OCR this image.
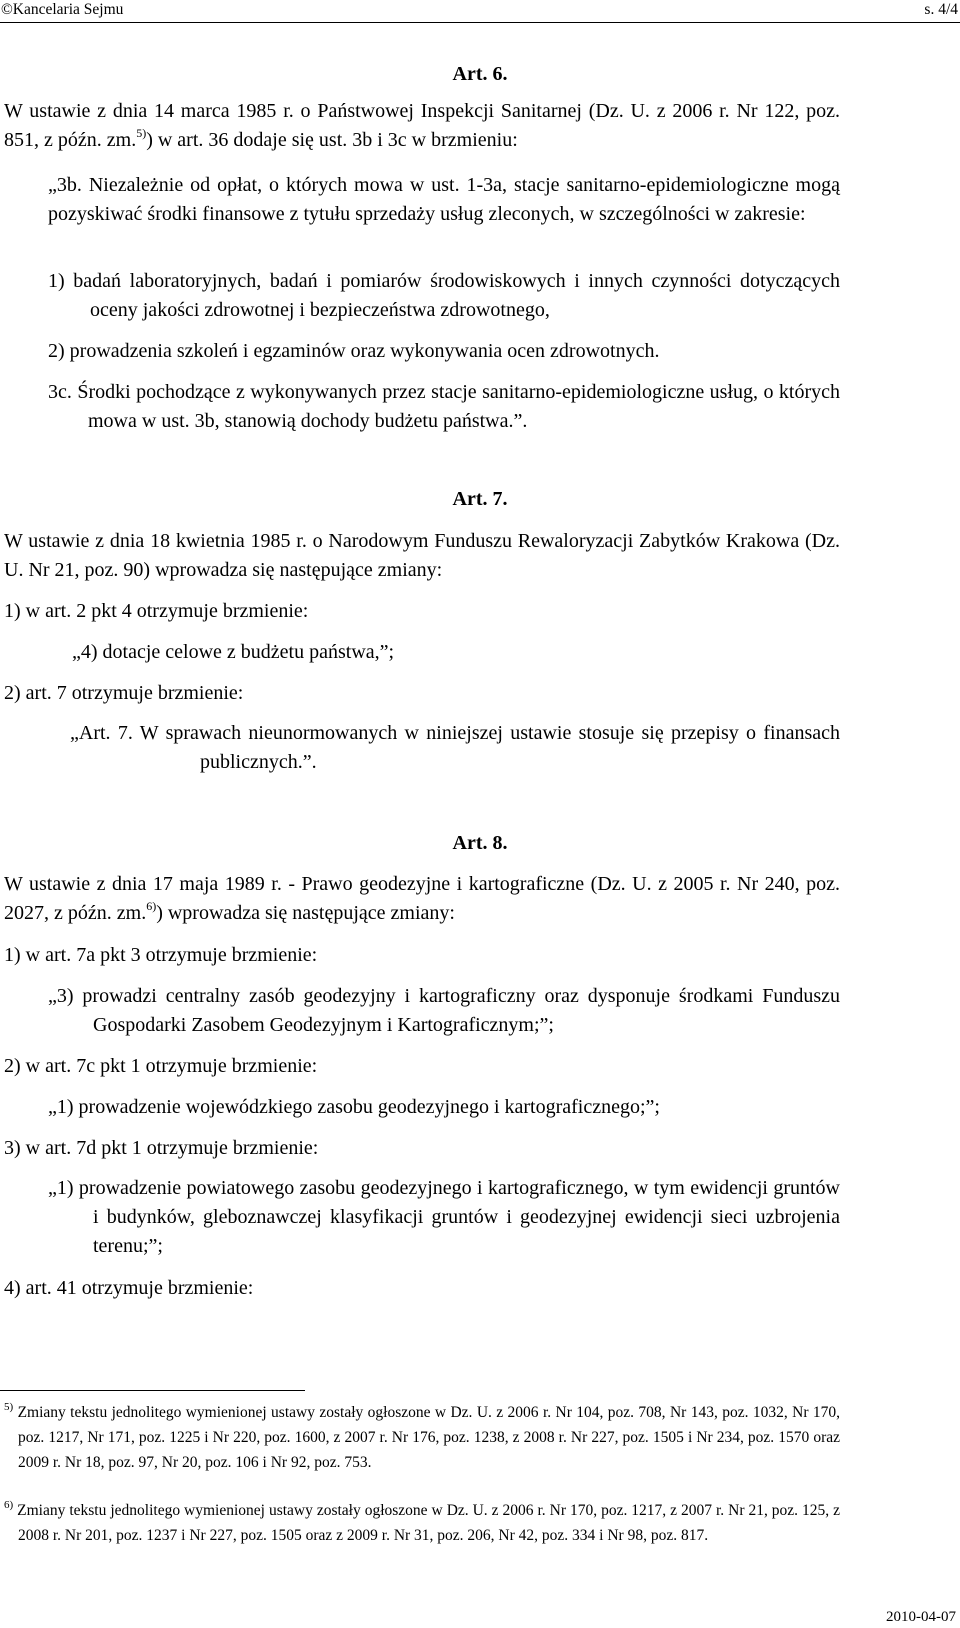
©Kancelaria Sejmu	s. 4/4
Art. 6.

W ustawie z dnia 14 marca 1985 r. o Państwowej Inspekcji Sanitarnej (Dz. U. z 2006 r. Nr 122, poz. 851, z późn. zm.$^{5)}$) w art. 36 dodaje się ust. 3b i 3c w brzmieniu:

„3b. Niezależnie od opłat, o których mowa w ust. 1-3a, stacje sanitarno-epidemiologiczne mogą pozyskiwać środki finansowe z tytułu sprzedaży usług zleconych, w szczególności w zakresie:

1) badań laboratoryjnych, badań i pomiarów środowiskowych i innych czynności dotyczących oceny jakości zdrowotnej i bezpieczeństwa zdrowotnego,

2) prowadzenia szkoleń i egzaminów oraz wykonywania ocen zdrowotnych.

3c. Środki pochodzące z wykonywanych przez stacje sanitarno-epidemiologiczne usług, o których mowa w ust. 3b, stanowią dochody budżetu państwa.”.

Art. 7.

W ustawie z dnia 18 kwietnia 1985 r. o Narodowym Funduszu Rewaloryzacji Zabytków Krakowa (Dz. U. Nr 21, poz. 90) wprowadza się następujące zmiany:

1) w art. 2 pkt 4 otrzymuje brzmienie:

„4) dotacje celowe z budżetu państwa,”;

2) art. 7 otrzymuje brzmienie:

„Art. 7. W sprawach nieunormowanych w niniejszej ustawie stosuje się przepisy o finansach publicznych.”.

Art. 8.

W ustawie z dnia 17 maja 1989 r. - Prawo geodezyjne i kartograficzne (Dz. U. z 2005 r. Nr 240, poz. 2027, z późn. zm.$^{6)}$) wprowadza się następujące zmiany:

1) w art. 7a pkt 3 otrzymuje brzmienie:

„3) prowadzi centralny zasób geodezyjny i kartograficzny oraz dysponuje środkami Funduszu Gospodarki Zasobem Geodezyjnym i Kartograficznym;”;

2) w art. 7c pkt 1 otrzymuje brzmienie:

„1) prowadzenie wojewódzkiego zasobu geodezyjnego i kartograficznego;”;

3) w art. 7d pkt 1 otrzymuje brzmienie:

„1) prowadzenie powiatowego zasobu geodezyjnego i kartograficznego, w tym ewidencji gruntów i budynków, gleboznawczej klasyfikacji gruntów i geodezyjnej ewidencji sieci uzbrojenia terenu;”;

4) art. 41 otrzymuje brzmienie:

$^{5)}$ Zmiany tekstu jednolitego wymienionej ustawy zostały ogłoszone w Dz. U. z 2006 r. Nr 104, poz. 708, Nr 143, poz. 1032, Nr 170, poz. 1217, Nr 171, poz. 1225 i Nr 220, poz. 1600, z 2007 r. Nr 176, poz. 1238, z 2008 r. Nr 227, poz. 1505 i Nr 234, poz. 1570 oraz 2009 r. Nr 18, poz. 97, Nr 20, poz. 106 i Nr 92, poz. 753.

$^{6)}$ Zmiany tekstu jednolitego wymienionej ustawy zostały ogłoszone w Dz. U. z 2006 r. Nr 170, poz. 1217, z 2007 r. Nr 21, poz. 125, z 2008 r. Nr 201, poz. 1237 i Nr 227, poz. 1505 oraz z 2009 r. Nr 31, poz. 206, Nr 42, poz. 334 i Nr 98, poz. 817.

2010-04-07
